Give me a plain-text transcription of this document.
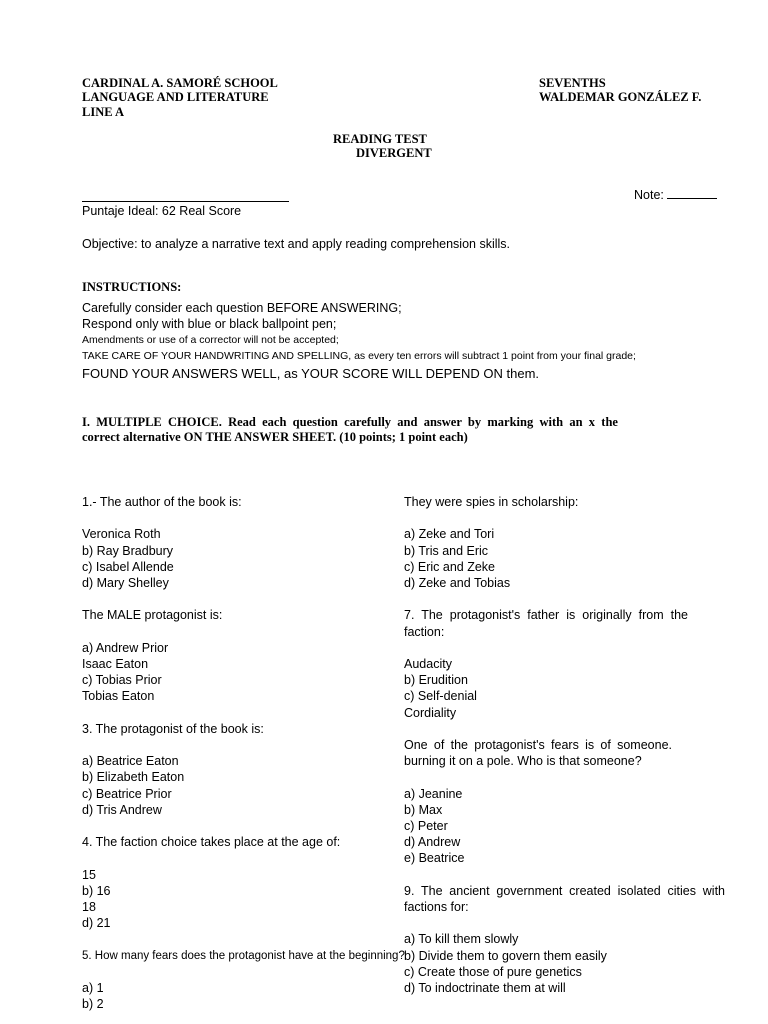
CARDINAL A. SAMORÉ SCHOOL
LANGUAGE AND LITERATURE
LINE A
SEVENTHS
WALDEMAR GONZÁLEZ F.
READING TEST
DIVERGENT
Note:
Puntaje Ideal: 62 Real Score
Objective: to analyze a narrative text and apply reading comprehension skills.
INSTRUCTIONS:
Carefully consider each question BEFORE ANSWERING;
Respond only with blue or black ballpoint pen;
Amendments or use of a corrector will not be accepted;
TAKE CARE OF YOUR HANDWRITING AND SPELLING, as every ten errors will subtract 1 point from your final grade;
FOUND YOUR ANSWERS WELL, as YOUR SCORE WILL DEPEND ON them.
I.  MULTIPLE  CHOICE.  Read  each  question  carefully  and  answer  by  marking  with  an  x  the
correct alternative ON THE ANSWER SHEET. (10 points; 1 point each)
1.- The author of the book is:
Veronica Roth
b) Ray Bradbury
c) Isabel Allende
d) Mary Shelley
The MALE protagonist is:
a) Andrew Prior
Isaac Eaton
c) Tobias Prior
Tobias Eaton
3. The protagonist of the book is:
a) Beatrice Eaton
b) Elizabeth Eaton
c) Beatrice Prior
d) Tris Andrew
4. The faction choice takes place at the age of:
15
b) 16
18
d) 21
5. How many fears does the protagonist have at the beginning?
a) 1
b) 2
They were spies in scholarship:
a) Zeke and Tori
b) Tris and Eric
c) Eric and Zeke
d) Zeke and Tobias
7. The protagonist's father is originally from the
faction:
Audacity
b) Erudition
c) Self-denial
Cordiality
One of the protagonist's fears is of someone.
burning it on a pole. Who is that someone?
a) Jeanine
b) Max
c) Peter
d) Andrew
e) Beatrice
9. The ancient government created isolated cities with
factions for:
a) To kill them slowly
b) Divide them to govern them easily
c) Create those of pure genetics
d) To indoctrinate them at will
